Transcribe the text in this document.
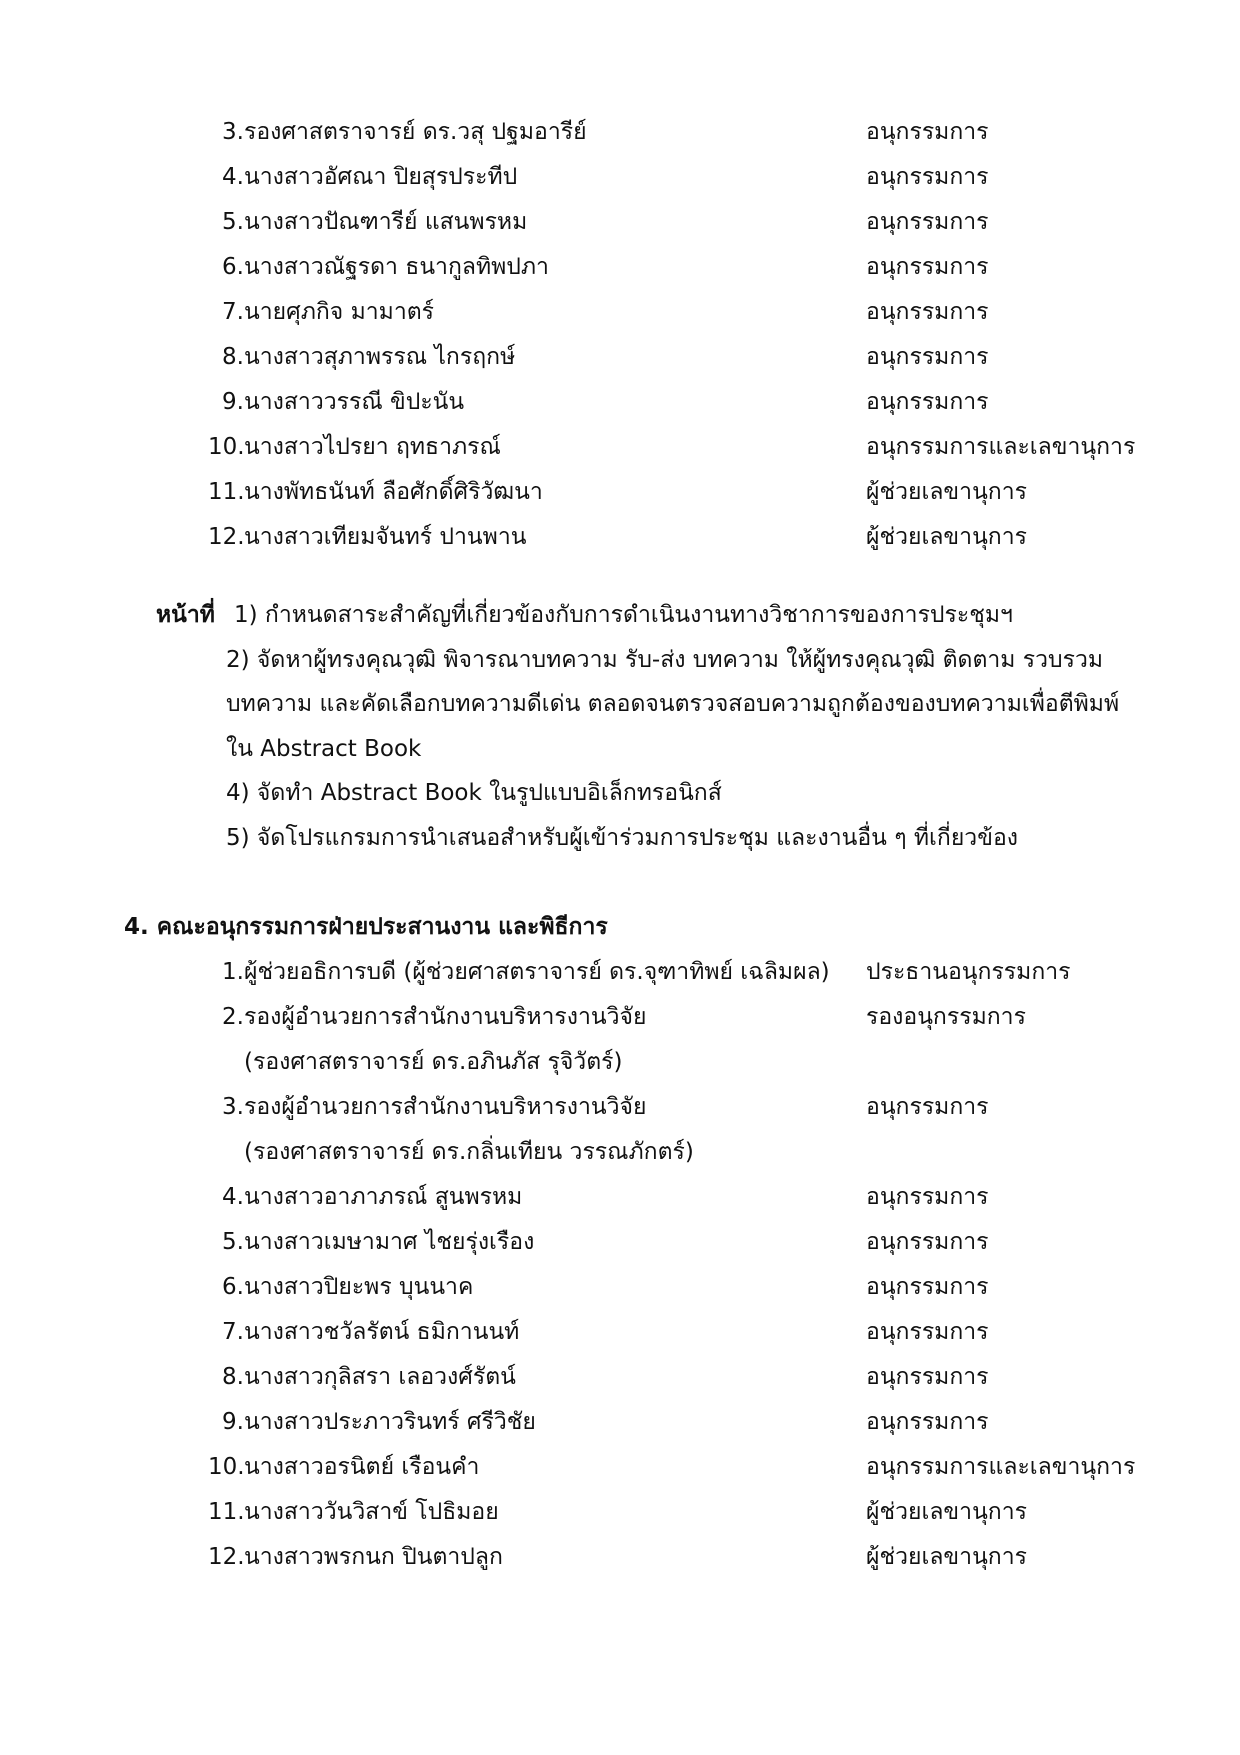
3. รองศาสตราจารย์ ดร.วสุ ปฐมอารีย์	อนุกรรมการ
4. นางสาวอัศณา ปิยสุรประทีป	อนุกรรมการ
5. นางสาวปัณฑารีย์ แสนพรหม	อนุกรรมการ
6. นางสาวณัฐรดา ธนากูลทิพปภา	อนุกรรมการ
7. นายศุภกิจ มามาตร์	อนุกรรมการ
8. นางสาวสุภาพรรณ ไกรฤกษ์	อนุกรรมการ
9. นางสาววรรณี ขิปะนัน	อนุกรรมการ
10. นางสาวไปรยา ฤทธาภรณ์	อนุกรรมการและเลขานุการ
11. นางพัทธนันท์ ลือศักดิ์ศิริวัฒนา	ผู้ช่วยเลขานุการ
12. นางสาวเทียมจันทร์ ปานพาน	ผู้ช่วยเลขานุการ
หน้าที่ 1) กำหนดสาระสำคัญที่เกี่ยวข้องกับการดำเนินงานทางวิชาการของการประชุมฯ
2) จัดหาผู้ทรงคุณวุฒิ พิจารณาบทความ รับ-ส่ง บทความ ให้ผู้ทรงคุณวุฒิ ติดตาม รวบรวม
บทความ และคัดเลือกบทความดีเด่น ตลอดจนตรวจสอบความถูกต้องของบทความเพื่อตีพิมพ์
ใน Abstract Book
4) จัดทำ Abstract Book ในรูปแบบอิเล็กทรอนิกส์
5) จัดโปรแกรมการนำเสนอสำหรับผู้เข้าร่วมการประชุม และงานอื่น ๆ ที่เกี่ยวข้อง
4. คณะอนุกรรมการฝ่ายประสานงาน และพิธีการ
1. ผู้ช่วยอธิการบดี (ผู้ช่วยศาสตราจารย์ ดร.จุฑาทิพย์ เฉลิมผล) ประธานอนุกรรมการ
2. รองผู้อำนวยการสำนักงานบริหารงานวิจัย	รองอนุกรรมการ
(รองศาสตราจารย์ ดร.อภินภัส รุจิวัตร์)
3. รองผู้อำนวยการสำนักงานบริหารงานวิจัย	อนุกรรมการ
(รองศาสตราจารย์ ดร.กลิ่นเทียน วรรณภักตร์)
4. นางสาวอาภาภรณ์ สูนพรหม	อนุกรรมการ
5. นางสาวเมษามาศ ไชยรุ่งเรือง	อนุกรรมการ
6. นางสาวปิยะพร บุนนาค	อนุกรรมการ
7. นางสาวชวัลรัตน์ ธมิกานนท์	อนุกรรมการ
8. นางสาวกุลิสรา เลอวงศ์รัตน์	อนุกรรมการ
9. นางสาวประภาวรินทร์ ศรีวิชัย	อนุกรรมการ
10. นางสาวอรนิตย์ เรือนคำ	อนุกรรมการและเลขานุการ
11. นางสาววันวิสาข์ โปธิมอย	ผู้ช่วยเลขานุการ
12. นางสาวพรกนก ปินตาปลูก	ผู้ช่วยเลขานุการ
